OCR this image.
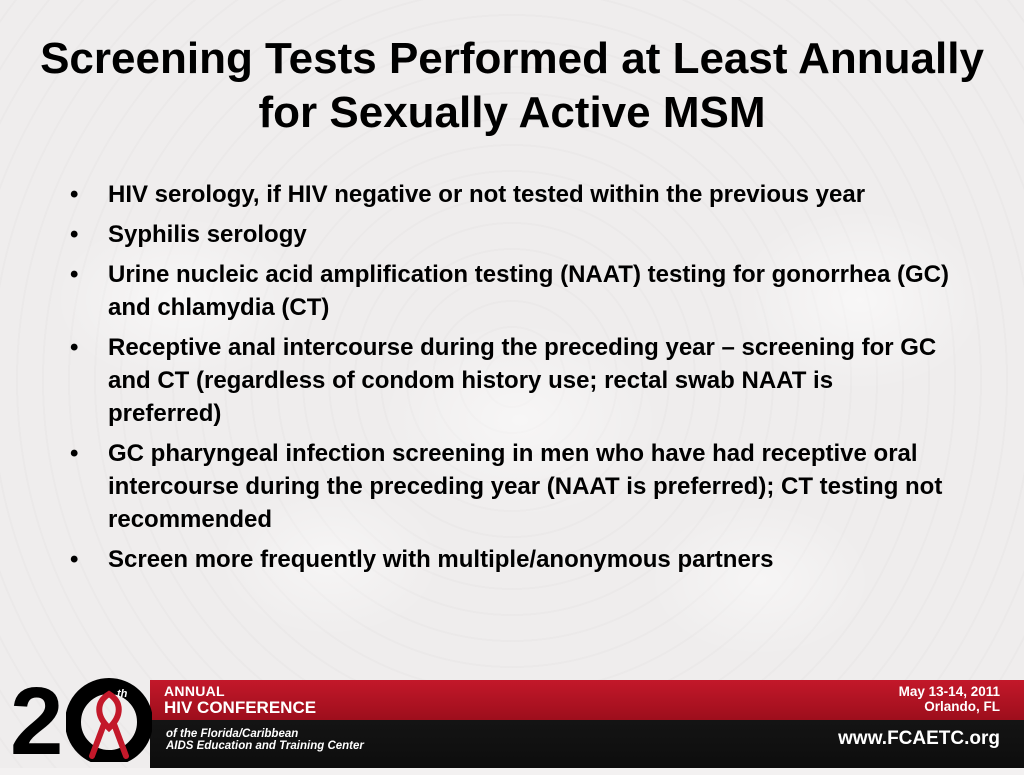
Screening Tests Performed at Least Annually for Sexually Active MSM
• HIV serology, if HIV negative or not tested within the previous year
• Syphilis serology
• Urine nucleic acid amplification testing (NAAT) testing for gonorrhea (GC) and chlamydia (CT)
• Receptive anal intercourse during the preceding year – screening for GC and CT (regardless of condom history use; rectal swab NAAT is preferred)
• GC pharyngeal infection screening in men who have had receptive oral intercourse during the preceding year (NAAT is preferred); CT testing not recommended
• Screen more frequently with multiple/anonymous partners
2	th	ANNUAL
HIV CONFERENCE
of the Florida/Caribbean
AIDS Education and Training Center
May 13-14, 2011
Orlando, FL
www.FCAETC.org
